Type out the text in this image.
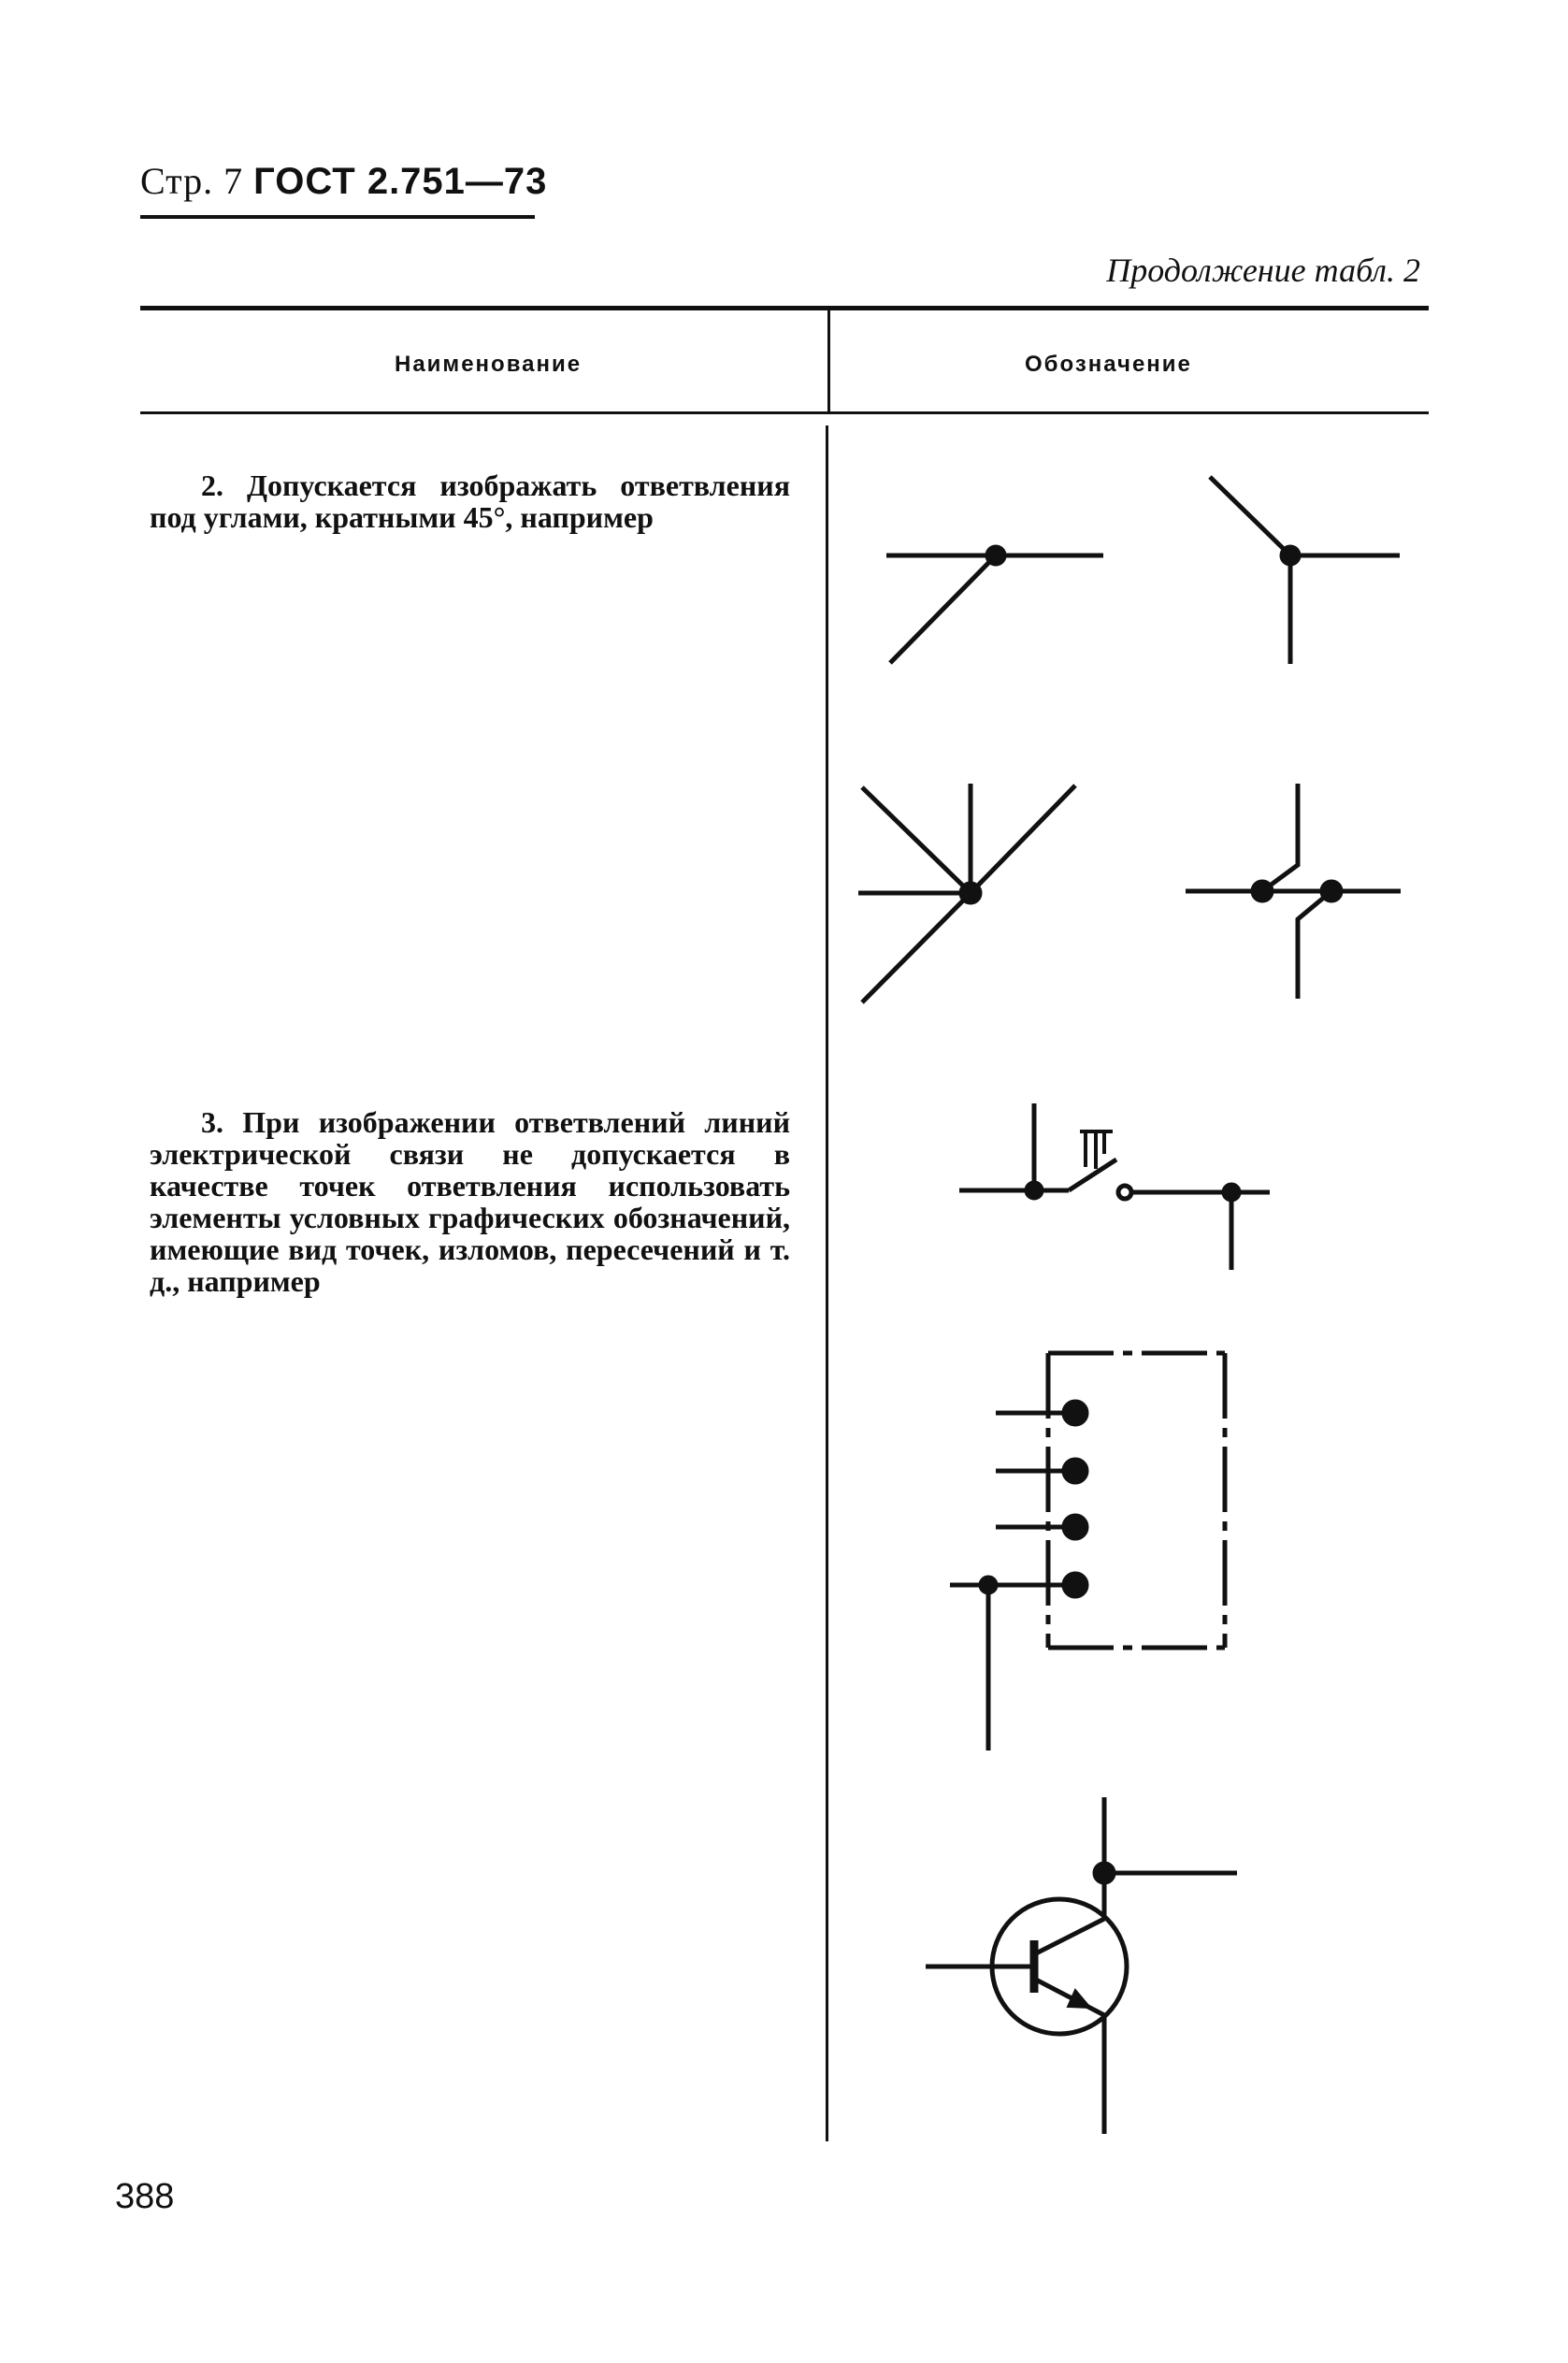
Стр. 7 ГОСТ 2.751—73
Продолжение табл. 2
Наименование	Обозначение
2. Допускается изображать ответвления под углами, кратными 45°, например
3. При изображении ответвлений линий электрической связи не допускается в качестве точек ответвления использовать элементы условных графических обозначений, имеющие вид точек, изломов, пересечений и т. д., например
388
